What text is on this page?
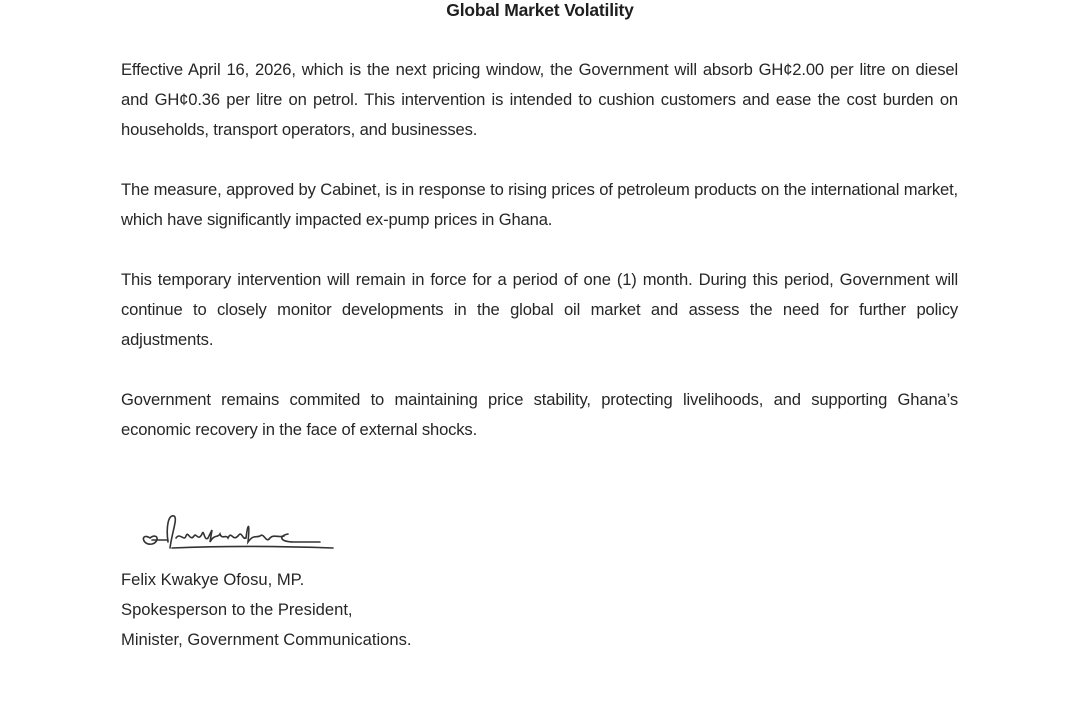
Global Market Volatility

Effective April 16, 2026, which is the next pricing window, the Government will absorb GH¢2.00 per litre on diesel and GH¢0.36 per litre on petrol. This intervention is intended to cushion customers and ease the cost burden on households, transport operators, and businesses.

The measure, approved by Cabinet, is in response to rising prices of petroleum products on the international market, which have significantly impacted ex-pump prices in Ghana.

This temporary intervention will remain in force for a period of one (1) month. During this period, Government will continue to closely monitor developments in the global oil market and assess the need for further policy adjustments.

Government remains commited to maintaining price stability, protecting livelihoods, and supporting Ghana’s economic recovery in the face of external shocks.

Felix Kwakye Ofosu, MP.
Spokesperson to the President,
Minister, Government Communications.
